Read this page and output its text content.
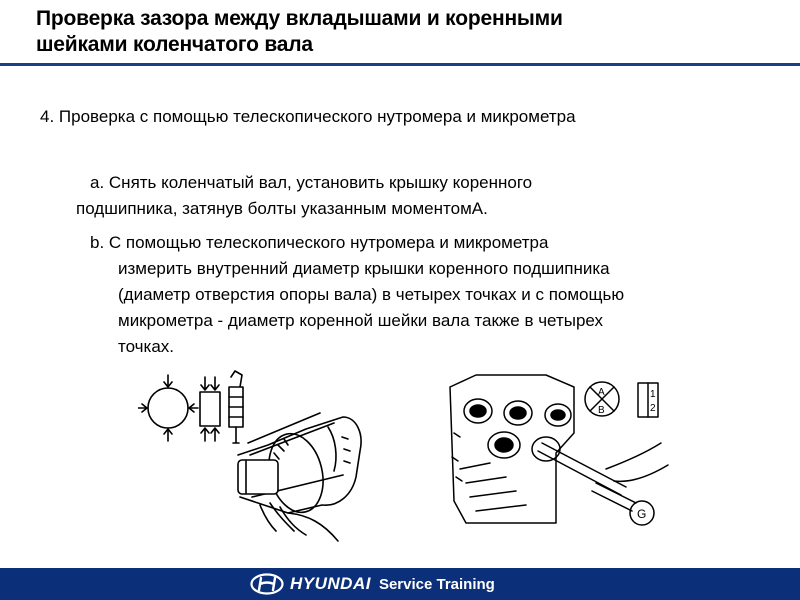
Проверка зазора между вкладышами и коренными
шейками коленчатого вала
4. Проверка с помощью телескопического нутромера и микрометра
a. Снять коленчатый вал, установить крышку коренного
подшипника, затянув болты указанным моментомА.
b. С помощью телескопического нутромера и микрометра
измерить внутренний диаметр крышки коренного подшипника
(диаметр отверстия опоры вала) в четырех точках и с помощью
микрометра - диаметр коренной шейки вала также в четырех
точках.
G
A
B
1
2
HYUNDAI Service Training
